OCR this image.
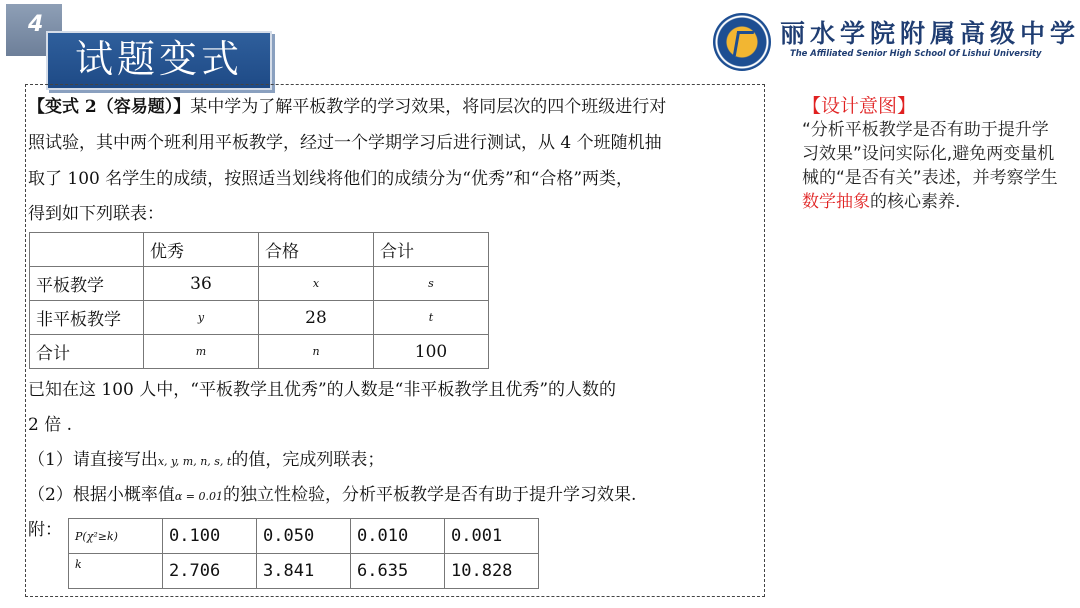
4
试题变式
丽水学院附属高级中学
The Affiliated Senior High School Of Lishui University
【变式 2（容易题）】某中学为了解平板教学的学习效果，将同层次的四个班级进行对
照试验，其中两个班利用平板教学，经过一个学期学习后进行测试，从 4 个班随机抽
取了 100 名学生的成绩，按照适当划线将他们的成绩分为“优秀”和“合格”两类，
得到如下列联表：
	优秀	合格	合计
平板教学	36	x	s
非平板教学	y	28	t
合计	m	n	100
已知在这 100 人中，“平板教学且优秀”的人数是“非平板教学且优秀”的人数的
2 倍 .
（1）请直接写出x, y, m, n, s, t的值，完成列联表；
（2）根据小概率值α = 0.01的独立性检验，分析平板教学是否有助于提升学习效果.
附： P(χ²≥k)	0.100	0.050	0.010	0.001
k	2.706	3.841	6.635	10.828
【设计意图】
“分析平板教学是否有助于提升学习效果”设问实际化,避免两变量机械的“是否有关”表述，并考察学生数学抽象的核心素养.
